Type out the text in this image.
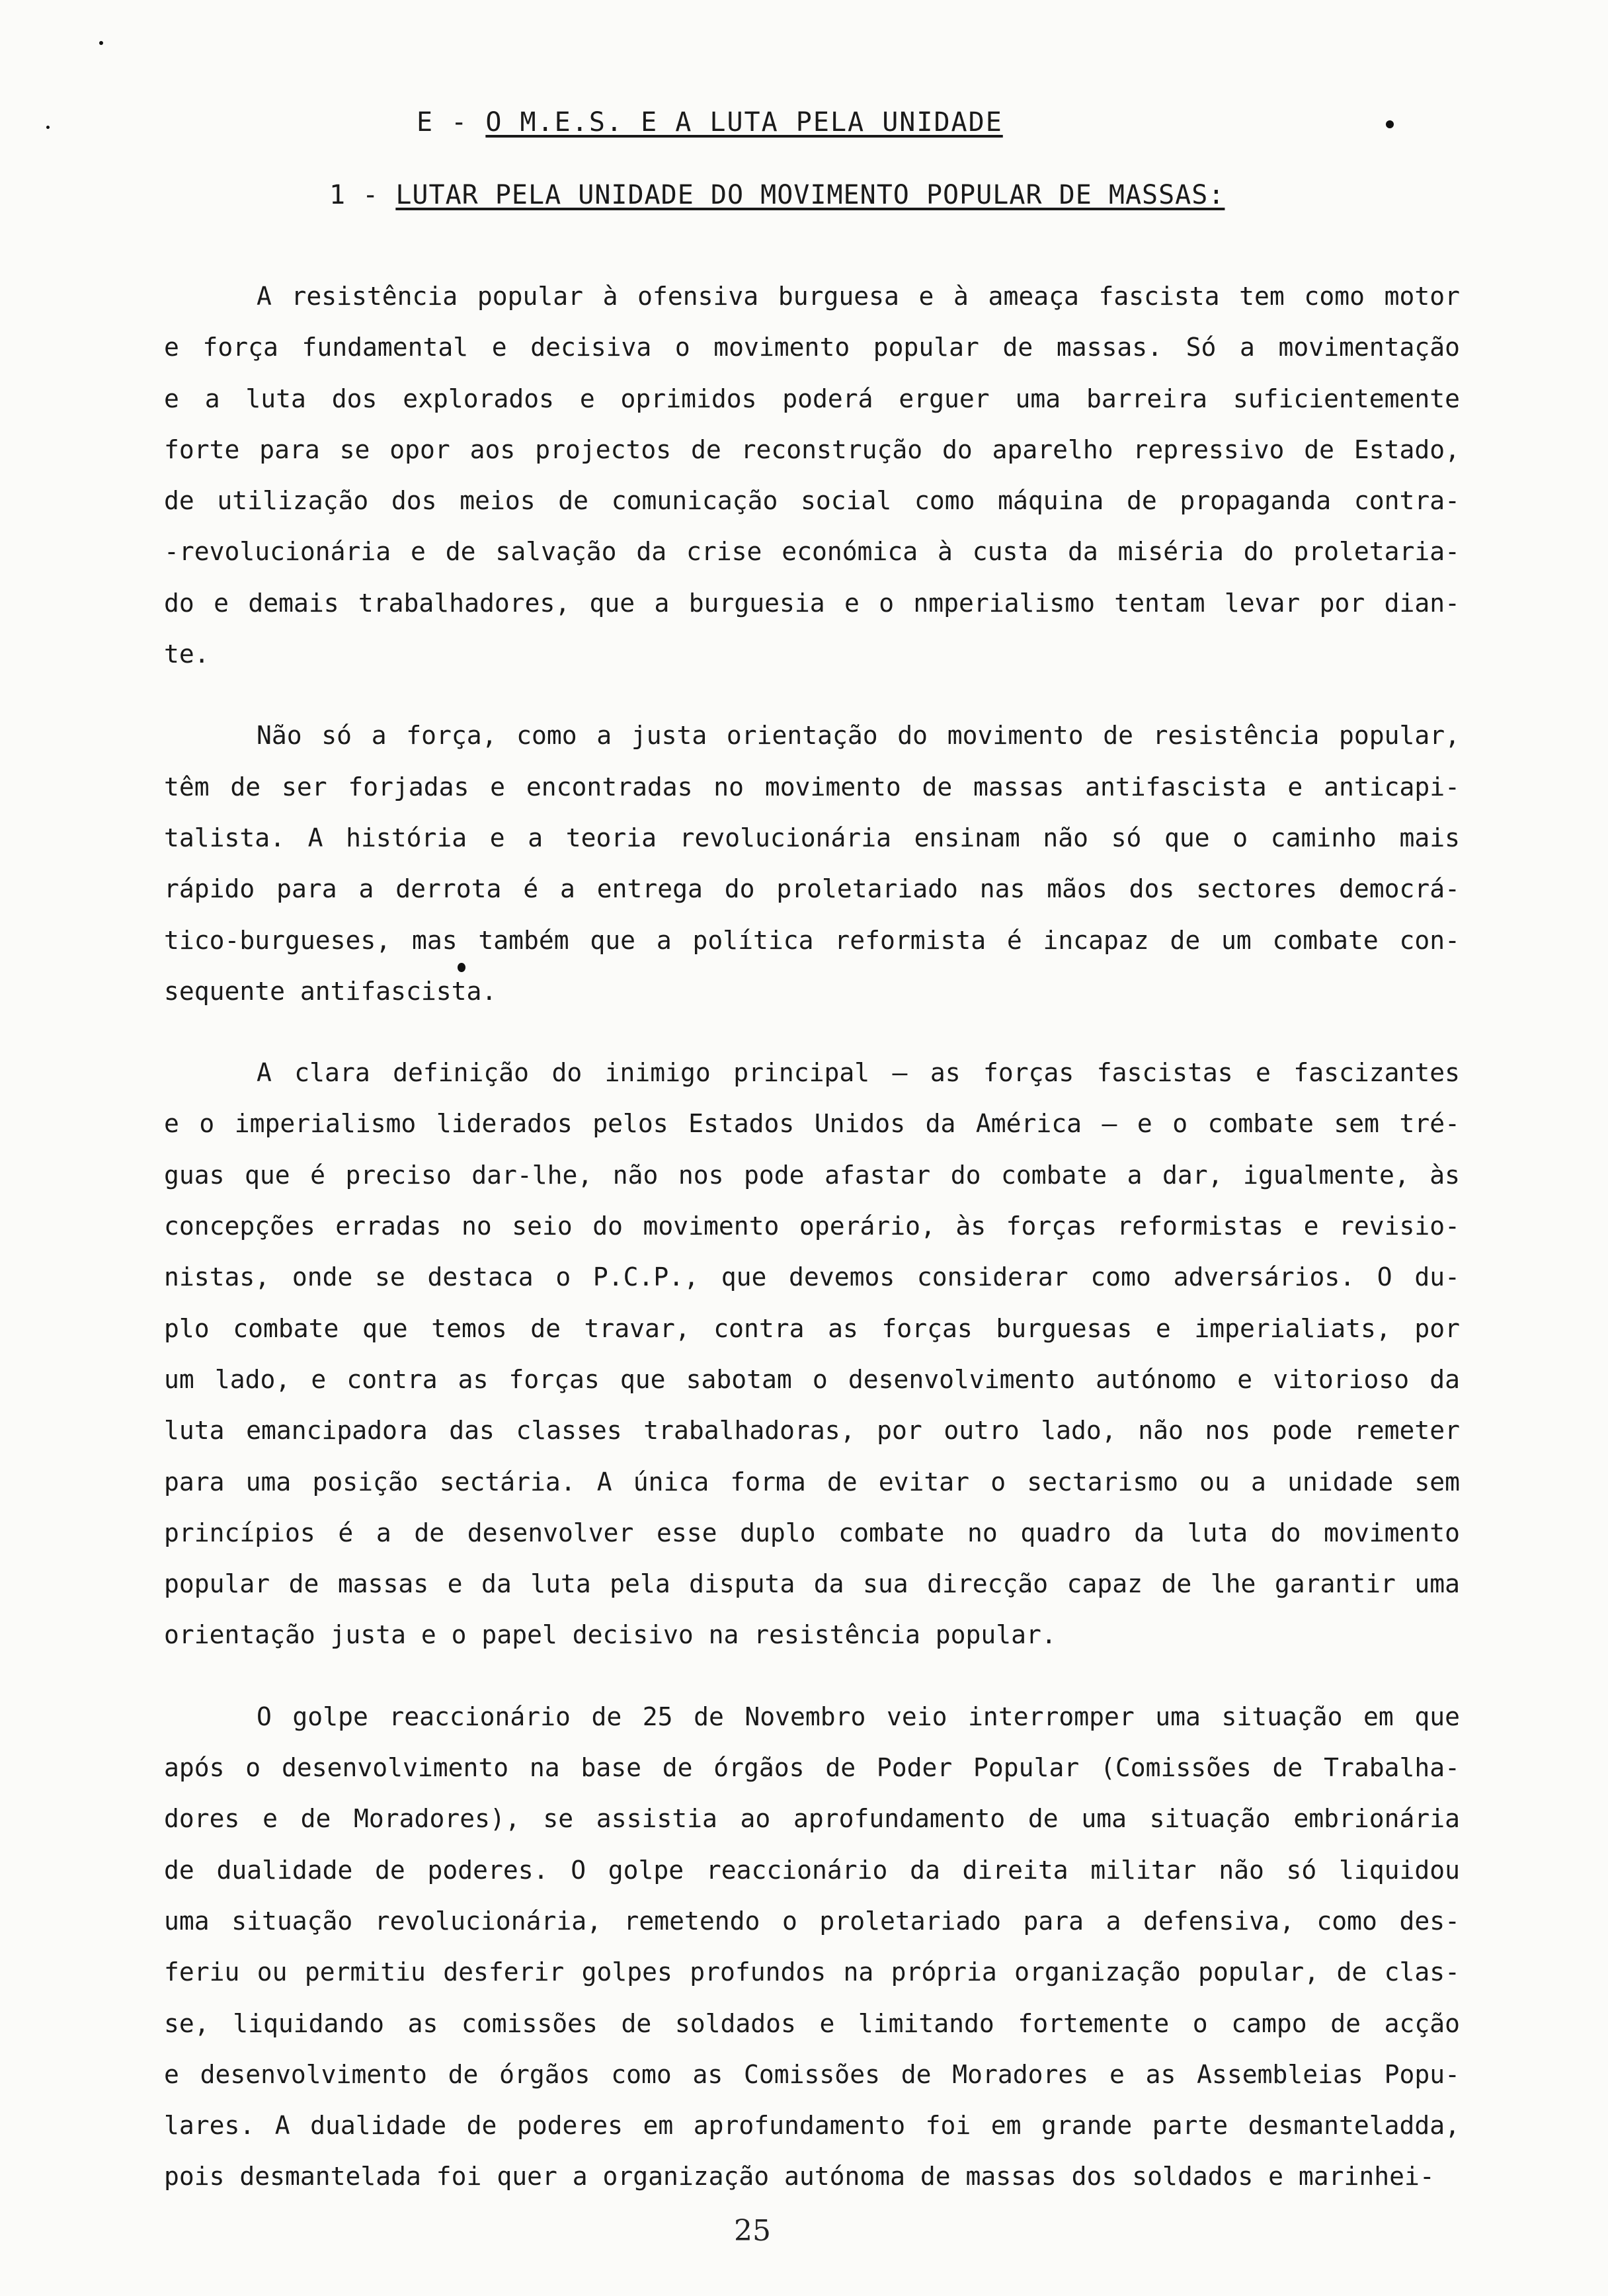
E - O M.E.S. E A LUTA PELA UNIDADE
1 - LUTAR PELA UNIDADE DO MOVIMENTO POPULAR DE MASSAS:
A resistência popular à ofensiva burguesa e à ameaça fascista tem como motor
e força fundamental e decisiva o movimento popular de massas. Só a movimentação
e a luta dos explorados e oprimidos poderá erguer uma barreira suficientemente
forte para se opor aos projectos de reconstrução do aparelho repressivo de Estado,
de utilização dos meios de comunicação social como máquina de propaganda contra-
-revolucionária e de salvação da crise económica à custa da miséria do proletaria-
do e demais trabalhadores, que a burguesia e o nmperialismo tentam levar por dian-
te.
Não só a força, como a justa orientação do movimento de resistência popular,
têm de ser forjadas e encontradas no movimento de massas antifascista e anticapi-
talista. A história e a teoria revolucionária ensinam não só que o caminho mais
rápido para a derrota é a entrega do proletariado nas mãos dos sectores democrá-
tico-burgueses, mas também que a política reformista é incapaz de um combate con-
sequente antifascista.
A clara definição do inimigo principal — as forças fascistas e fascizantes
e o imperialismo liderados pelos Estados Unidos da América — e o combate sem tré-
guas que é preciso dar-lhe, não nos pode afastar do combate a dar, igualmente, às
concepções erradas no seio do movimento operário, às forças reformistas e revisio-
nistas, onde se destaca o P.C.P., que devemos considerar como adversários. O du-
plo combate que temos de travar, contra as forças burguesas e imperialiats, por
um lado, e contra as forças que sabotam o desenvolvimento autónomo e vitorioso da
luta emancipadora das classes trabalhadoras, por outro lado, não nos pode remeter
para uma posição sectária. A única forma de evitar o sectarismo ou a unidade sem
princípios é a de desenvolver esse duplo combate no quadro da luta do movimento
popular de massas e da luta pela disputa da sua direcção capaz de lhe garantir uma
orientação justa e o papel decisivo na resistência popular.
O golpe reaccionário de 25 de Novembro veio interromper uma situação em que
após o desenvolvimento na base de órgãos de Poder Popular (Comissões de Trabalha-
dores e de Moradores), se assistia ao aprofundamento de uma situação embrionária
de dualidade de poderes. O golpe reaccionário da direita militar não só liquidou
uma situação revolucionária, remetendo o proletariado para a defensiva, como des-
feriu ou permitiu desferir golpes profundos na própria organização popular, de clas-
se, liquidando as comissões de soldados e limitando fortemente o campo de acção
e desenvolvimento de órgãos como as Comissões de Moradores e as Assembleias Popu-
lares. A dualidade de poderes em aprofundamento foi em grande parte desmanteladda,
pois desmantelada foi quer a organização autónoma de massas dos soldados e marinhei-
25
